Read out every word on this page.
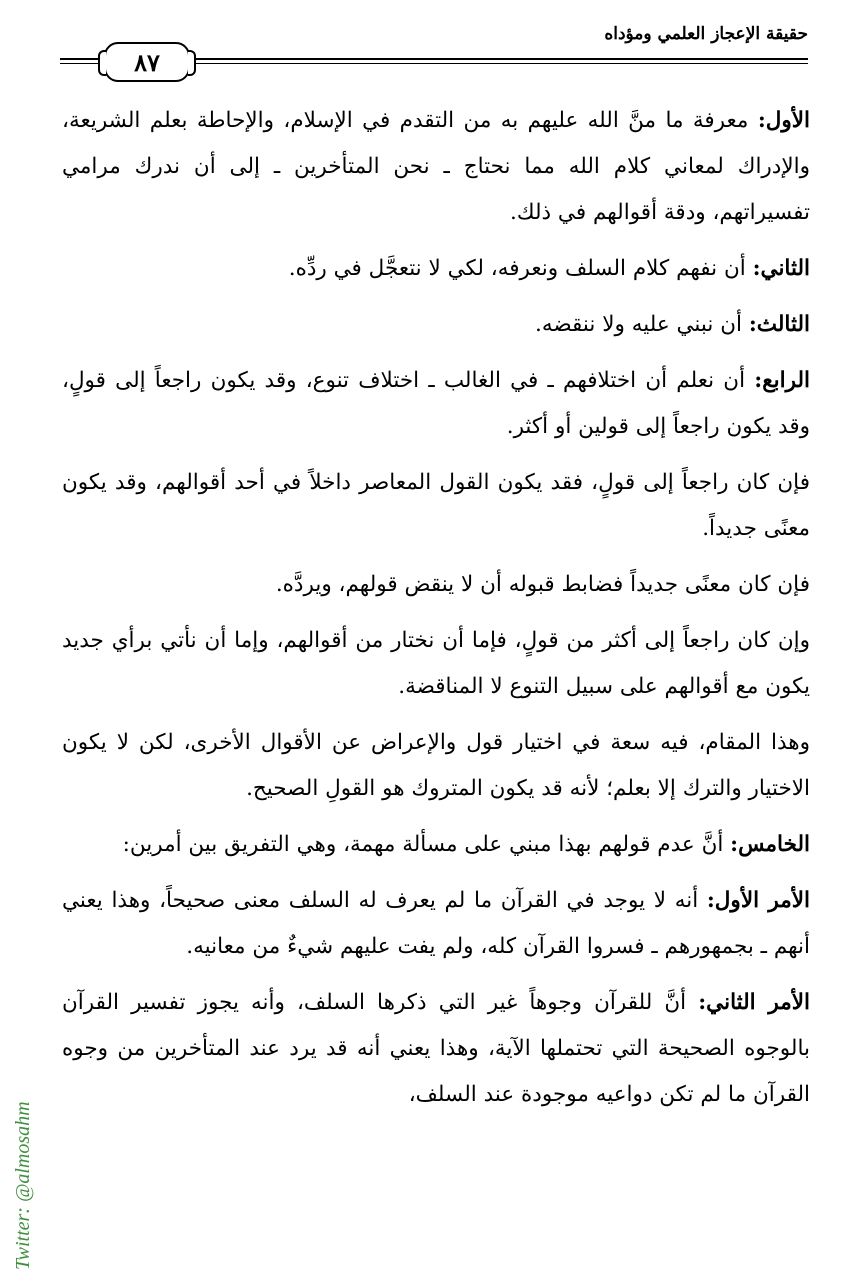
٨٧
حقيقة الإعجاز العلمي ومؤداه

الأول: معرفة ما منَّ الله عليهم به من التقدم في الإسلام، والإحاطة بعلم الشريعة، والإدراك لمعاني كلام الله مما نحتاج ـ نحن المتأخرين ـ إلى أن ندرك مرامي تفسيراتهم، ودقة أقوالهم في ذلك.

الثاني: أن نفهم كلام السلف ونعرفه، لكي لا نتعجَّل في ردِّه.

الثالث: أن نبني عليه ولا ننقضه.

الرابع: أن نعلم أن اختلافهم ـ في الغالب ـ اختلاف تنوع، وقد يكون راجعاً إلى قولٍ، وقد يكون راجعاً إلى قولين أو أكثر.

فإن كان راجعاً إلى قولٍ، فقد يكون القول المعاصر داخلاً في أحد أقوالهم، وقد يكون معنًى جديداً.

فإن كان معنًى جديداً فضابط قبوله أن لا ينقض قولهم، ويردَّه.

وإن كان راجعاً إلى أكثر من قولٍ، فإما أن نختار من أقوالهم، وإما أن نأتي برأي جديد يكون مع أقوالهم على سبيل التنوع لا المناقضة.

وهذا المقام، فيه سعة في اختيار قول والإعراض عن الأقوال الأخرى، لكن لا يكون الاختيار والترك إلا بعلم؛ لأنه قد يكون المتروك هو القولِ الصحيح.

الخامس: أنَّ عدم قولهم بهذا مبني على مسألة مهمة، وهي التفريق بين أمرين:

الأمر الأول: أنه لا يوجد في القرآن ما لم يعرف له السلف معنى صحيحاً، وهذا يعني أنهم ـ بجمهورهم ـ فسروا القرآن كله، ولم يفت عليهم شيءٌ من معانيه.

الأمر الثاني: أنَّ للقرآن وجوهاً غير التي ذكرها السلف، وأنه يجوز تفسير القرآن بالوجوه الصحيحة التي تحتملها الآية، وهذا يعني أنه قد يرد عند المتأخرين من وجوه القرآن ما لم تكن دواعيه موجودة عند السلف،

Twitter: @almosahm
